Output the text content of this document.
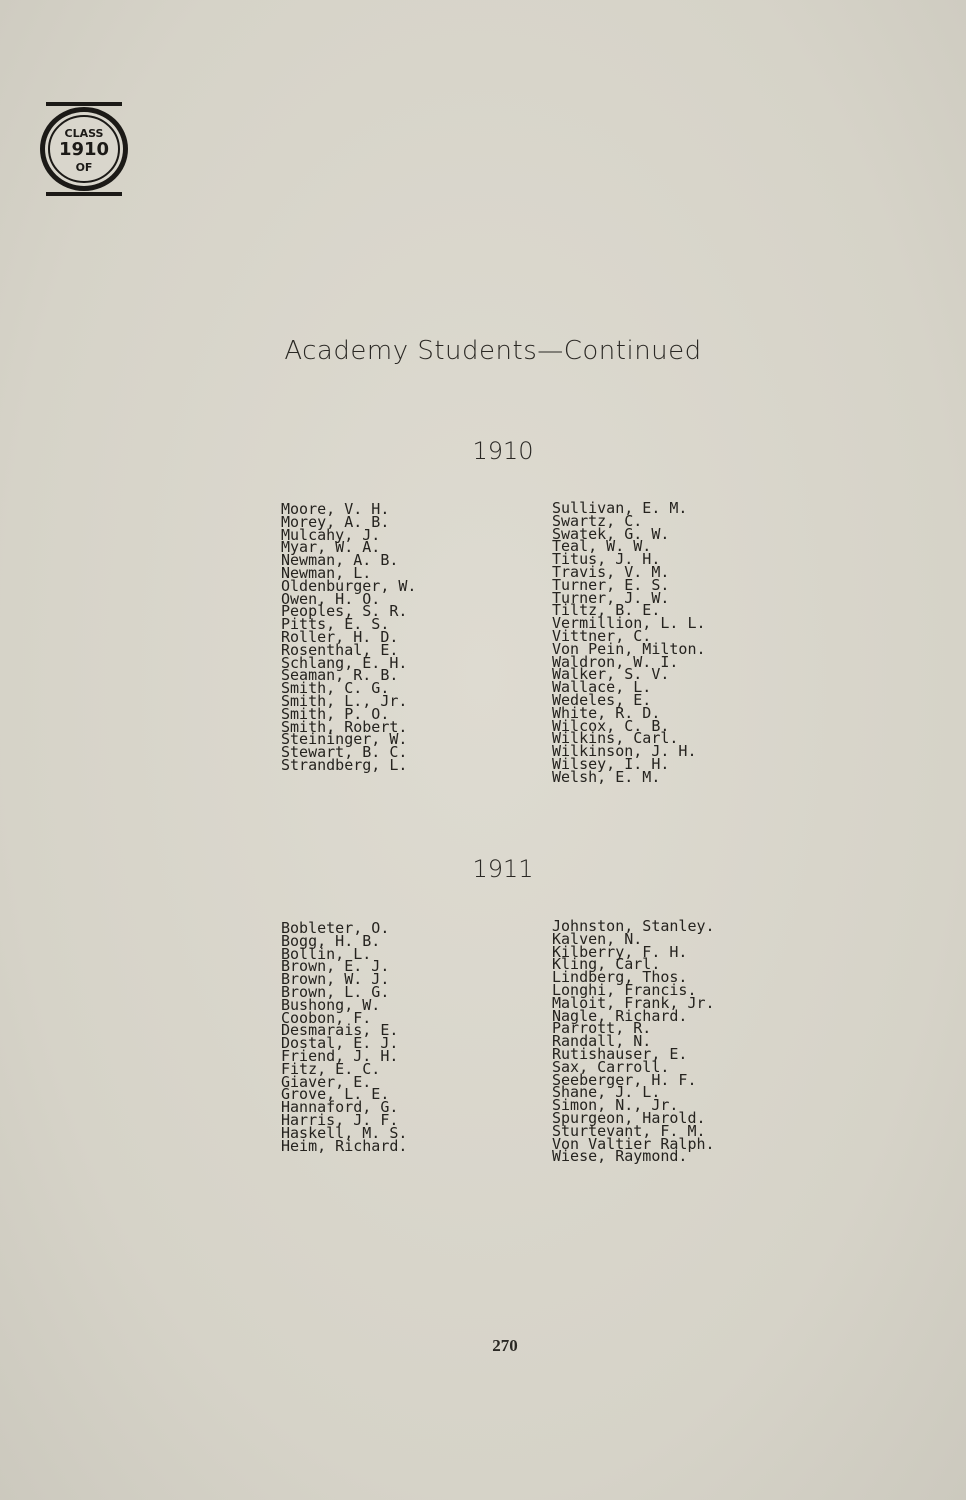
CLASS
1910
OF
Academy Students—Continued
1910
Moore, V. H.
Morey, A. B.
Mulcahy, J.
Myar, W. A.
Newman, A. B.
Newman, L.
Oldenburger, W.
Owen, H. O.
Peoples, S. R.
Pitts, E. S.
Roller, H. D.
Rosenthal, E.
Schlang, E. H.
Seaman, R. B.
Smith, C. G.
Smith, L., Jr.
Smith, P. O.
Smith, Robert.
Steininger, W.
Stewart, B. C.
Strandberg, L.
Sullivan, E. M.
Swartz, C.
Swatek, G. W.
Teal, W. W.
Titus, J. H.
Travis, V. M.
Turner, E. S.
Turner, J. W.
Tiltz, B. E.
Vermillion, L. L.
Vittner, C.
Von Pein, Milton.
Waldron, W. I.
Walker, S. V.
Wallace, L.
Wedeles, E.
White, R. D.
Wilcox, C. B.
Wilkins, Carl.
Wilkinson, J. H.
Wilsey, I. H.
Welsh, E. M.
1911
Bobleter, O.
Bogg, H. B.
Bollin, L.
Brown, E. J.
Brown, W. J.
Brown, L. G.
Bushong, W.
Coobon, F.
Desmarais, E.
Dostal, E. J.
Friend, J. H.
Fitz, E. C.
Giaver, E.
Grove, L. E.
Hannaford, G.
Harris, J. F.
Haskell, M. S.
Heim, Richard.
Johnston, Stanley.
Kalven, N.
Kilberry, F. H.
Kling, Carl.
Lindberg, Thos.
Longhi, Francis.
Maloit, Frank, Jr.
Nagle, Richard.
Parrott, R.
Randall, N.
Rutishauser, E.
Sax, Carroll.
Seeberger, H. F.
Shane, J. L.
Simon, N., Jr.
Spurgeon, Harold.
Sturtevant, F. M.
Von Valtier Ralph.
Wiese, Raymond.
270
